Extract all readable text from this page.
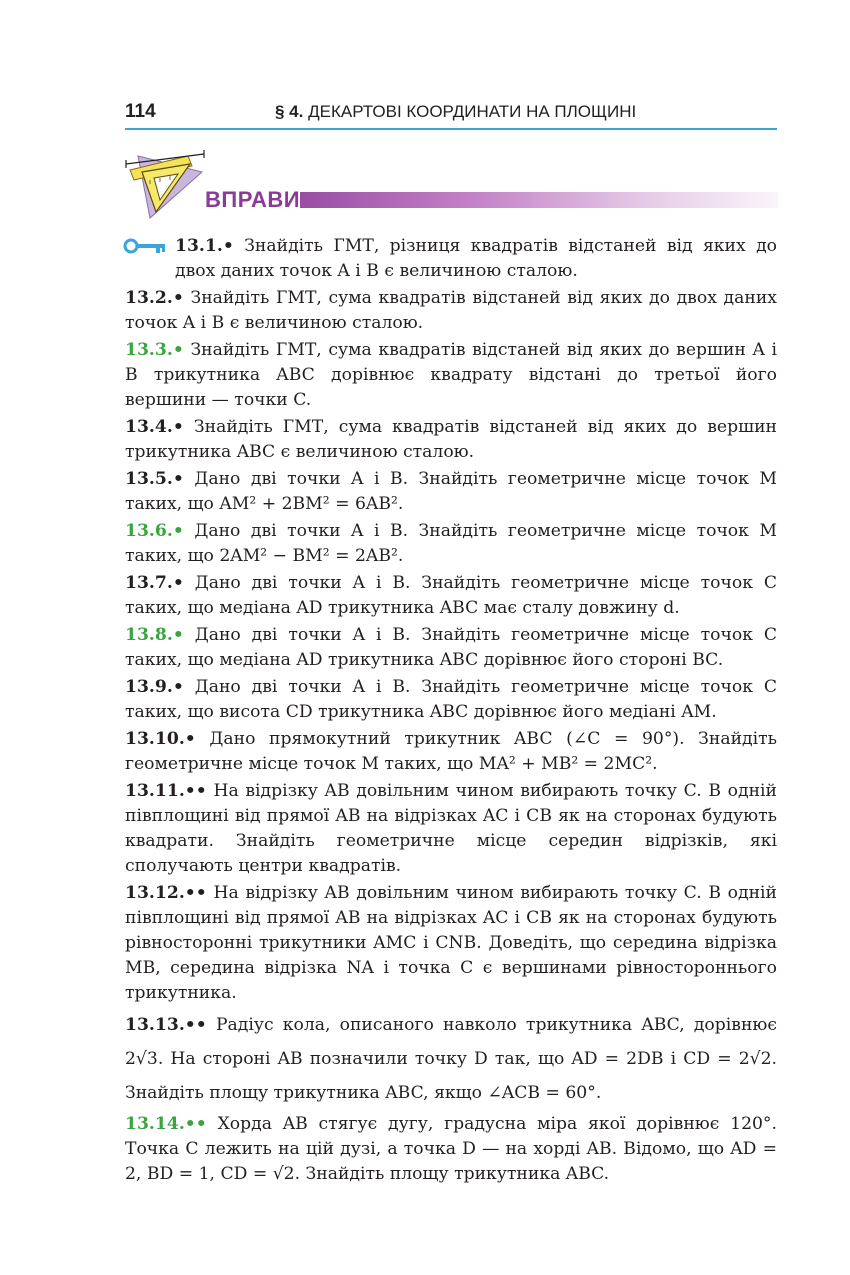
114	§ 4. ДЕКАРТОВІ КООРДИНАТИ НА ПЛОЩИНІ
ВПРАВИ
13.1.• Знайдіть ГМТ, різниця квадратів відстаней від яких до двох даних точок A і B є величиною сталою.
13.2.• Знайдіть ГМТ, сума квадратів відстаней від яких до двох даних точок A і B є величиною сталою.
13.3.• Знайдіть ГМТ, сума квадратів відстаней від яких до вершин A і B трикутника ABC дорівнює квадрату відстані до третьої його вершини — точки C.
13.4.• Знайдіть ГМТ, сума квадратів відстаней від яких до вершин трикутника ABC є величиною сталою.
13.5.• Дано дві точки A і B. Знайдіть геометричне місце точок M таких, що AM² + 2BM² = 6AB².
13.6.• Дано дві точки A і B. Знайдіть геометричне місце точок M таких, що 2AM² − BM² = 2AB².
13.7.• Дано дві точки A і B. Знайдіть геометричне місце точок C таких, що медіана AD трикутника ABC має сталу довжину d.
13.8.• Дано дві точки A і B. Знайдіть геометричне місце точок C таких, що медіана AD трикутника ABC дорівнює його стороні BC.
13.9.• Дано дві точки A і B. Знайдіть геометричне місце точок C таких, що висота CD трикутника ABC дорівнює його медіані AM.
13.10.• Дано прямокутний трикутник ABC (∠C = 90°). Знайдіть геометричне місце точок M таких, що MA² + MB² = 2MC².
13.11.•• На відрізку AB довільним чином вибирають точку C. В одній півплощині від прямої AB на відрізках AC і CB як на сторонах будують квадрати. Знайдіть геометричне місце середин відрізків, які сполучають центри квадратів.
13.12.•• На відрізку AB довільним чином вибирають точку C. В одній півплощині від прямої AB на відрізках AC і CB як на сторонах будують рівносторонні трикутники AMC і CNB. Доведіть, що середина відрізка MB, середина відрізка NA і точка C є вершинами рівностороннього трикутника.
13.13.•• Радіус кола, описаного навколо трикутника ABC, дорівнює 2√3. На стороні AB позначили точку D так, що AD = 2DB і CD = 2√2. Знайдіть площу трикутника ABC, якщо ∠ACB = 60°.
13.14.•• Хорда AB стягує дугу, градусна міра якої дорівнює 120°. Точка C лежить на цій дузі, а точка D — на хорді AB. Відомо, що AD = 2, BD = 1, CD = √2. Знайдіть площу трикутника ABC.
